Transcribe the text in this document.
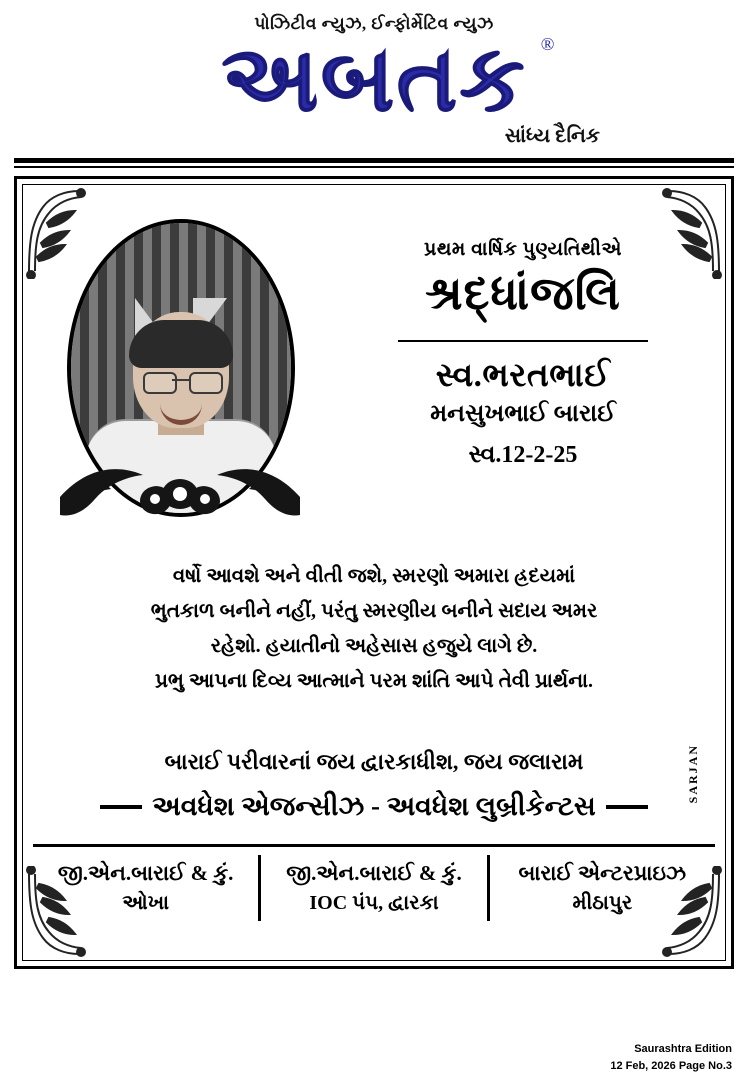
પોઝિટીવ ન્યુઝ, ઈન્ફોર્મેટિવ ન્યુઝ
અબતક ®
સાંધ્ય દૈનિક
પ્રથમ વાર્ષિક પુણ્યતિથીએ
શ્રદ્ધાંજલિ
સ્વ.ભરતભાઈ
મનસુખભાઈ બારાઈ
સ્વ.12-2-25
વર્ષો આવશે અને વીતી જશે, સ્મરણો અમારા હ્રદયમાં
ભુતકાળ બનીને નહીં, પરંતુ સ્મરણીય બનીને સદાય અમર
રહેશો. હયાતીનો અહેસાસ હજુયે લાગે છે.
પ્રભુ આપના દિવ્ય આત્માને પરમ શાંતિ આપે તેવી પ્રાર્થના.
SARJAN
બારાઈ પરીવારનાં જય દ્વારકાધીશ, જય જલારામ
અવધેશ એજન્સીઝ - અવધેશ લુબ્રીકેન્ટસ
જી.એન.બારાઈ & કું.
ઓખા
જી.એન.બારાઈ & કું.
IOC પંપ, દ્વારકા
બારાઈ એન્ટરપ્રાઇઝ
મીઠાપુર
Saurashtra Edition
12 Feb, 2026 Page No.3
